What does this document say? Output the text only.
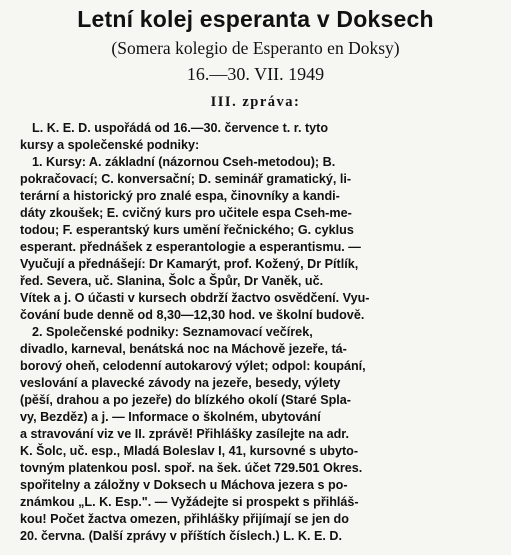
Letní kolej esperanta v Doksech
(Somera kolegio de Esperanto en Doksy)
16.—30. VII. 1949
III. zpráva:
L. K. E. D. uspořádá od 16.—30. července t. r. tyto
kursy a společenské podniky:
1. Kursy: A. základní (názornou Cseh-metodou); B.
pokračovací; C. konversační; D. seminář gramatický, li-
terární a historický pro znalé espa, činovníky a kandi-
dáty zkoušek; E. cvičný kurs pro učitele espa Cseh-me-
todou; F. esperantský kurs umění řečnického; G. cyklus
esperant. přednášek z esperantologie a esperantismu. —
Vyučují a přednášejí: Dr Kamarýt, prof. Kožený, Dr Pítlík,
řed. Severa, uč. Slanina, Šolc a Špůr, Dr Vaněk, uč.
Vítek a j. O účasti v kursech obdrží žactvo osvědčení. Vyu-
čování bude denně od 8,30—12,30 hod. ve školní budově.
2. Společenské podniky: Seznamovací večírek,
divadlo, karneval, benátská noc na Máchově jezeře, tá-
borový oheň, celodenní autokarový výlet; odpol: koupání,
veslování a plavecké závody na jezeře, besedy, výlety
(pěší, drahou a po jezeře) do blízkého okolí (Staré Spla-
vy, Bezděz) a j. — Informace o školném, ubytování
a stravování viz ve II. zprávě! Přihlášky zasílejte na adr.
K. Šolc, uč. esp., Mladá Boleslav I, 41, kursovné s ubyto-
tovným platenkou posl. spoř. na šek. účet 729.501 Okres.
spořitelny a záložny v Doksech u Máchova jezera s po-
známkou „L. K. Esp.". — Vyžádejte si prospekt s přihláš-
kou! Počet žactva omezen, přihlášky přijímají se jen do
20. června. (Další zprávy v příštích číslech.) L. K. E. D.
